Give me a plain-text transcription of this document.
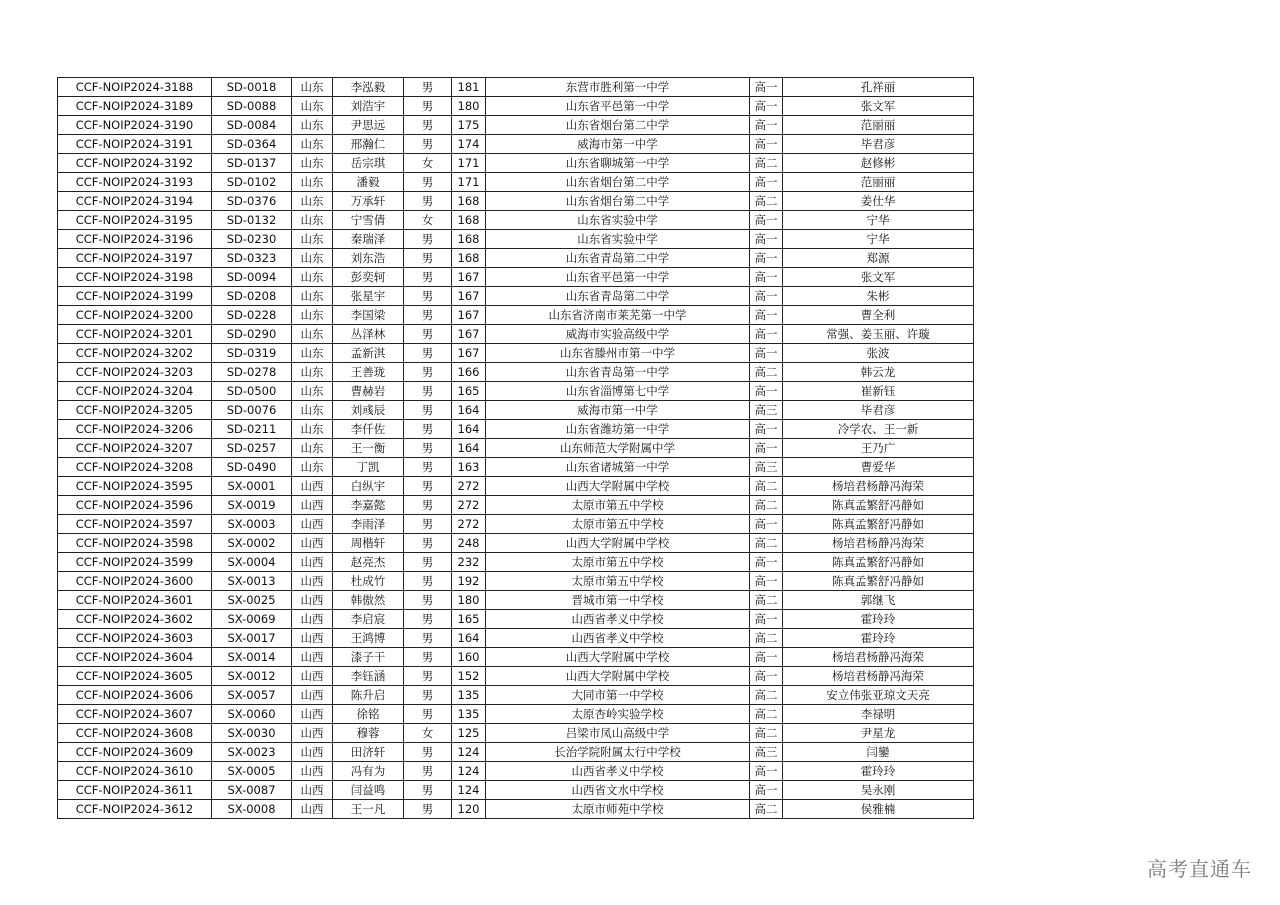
CCF-NOIP2024-3188	SD-0018	山东	李泓毅	男	181	东营市胜利第一中学	高一	孔祥丽
CCF-NOIP2024-3189	SD-0088	山东	刘浩宇	男	180	山东省平邑第一中学	高一	张文军
CCF-NOIP2024-3190	SD-0084	山东	尹思远	男	175	山东省烟台第二中学	高一	范丽丽
CCF-NOIP2024-3191	SD-0364	山东	邢瀚仁	男	174	威海市第一中学	高一	毕君彦
CCF-NOIP2024-3192	SD-0137	山东	岳宗琪	女	171	山东省聊城第一中学	高二	赵修彬
CCF-NOIP2024-3193	SD-0102	山东	潘毅	男	171	山东省烟台第二中学	高一	范丽丽
CCF-NOIP2024-3194	SD-0376	山东	万承轩	男	168	山东省烟台第二中学	高二	姜仕华
CCF-NOIP2024-3195	SD-0132	山东	宁雪倩	女	168	山东省实验中学	高一	宁华
CCF-NOIP2024-3196	SD-0230	山东	秦瑞泽	男	168	山东省实验中学	高一	宁华
CCF-NOIP2024-3197	SD-0323	山东	刘东浩	男	168	山东省青岛第二中学	高一	郑源
CCF-NOIP2024-3198	SD-0094	山东	彭奕轲	男	167	山东省平邑第一中学	高一	张文军
CCF-NOIP2024-3199	SD-0208	山东	张星宇	男	167	山东省青岛第二中学	高一	朱彬
CCF-NOIP2024-3200	SD-0228	山东	李国梁	男	167	山东省济南市莱芜第一中学	高一	曹全利
CCF-NOIP2024-3201	SD-0290	山东	丛泽林	男	167	威海市实验高级中学	高一	常强、姜玉丽、许璇
CCF-NOIP2024-3202	SD-0319	山东	孟新淇	男	167	山东省滕州市第一中学	高一	张波
CCF-NOIP2024-3203	SD-0278	山东	王善珑	男	166	山东省青岛第一中学	高二	韩云龙
CCF-NOIP2024-3204	SD-0500	山东	曹赫岩	男	165	山东省淄博第七中学	高一	崔新钰
CCF-NOIP2024-3205	SD-0076	山东	刘彧辰	男	164	威海市第一中学	高三	毕君彦
CCF-NOIP2024-3206	SD-0211	山东	李仟佐	男	164	山东省潍坊第一中学	高一	冷学农、王一新
CCF-NOIP2024-3207	SD-0257	山东	王一衡	男	164	山东师范大学附属中学	高一	王乃广
CCF-NOIP2024-3208	SD-0490	山东	丁凯	男	163	山东省诸城第一中学	高三	曹爱华
CCF-NOIP2024-3595	SX-0001	山西	白纵宇	男	272	山西大学附属中学校	高二	杨培君杨静冯海荣
CCF-NOIP2024-3596	SX-0019	山西	李嘉懿	男	272	太原市第五中学校	高二	陈真孟繁舒冯静如
CCF-NOIP2024-3597	SX-0003	山西	李雨泽	男	272	太原市第五中学校	高一	陈真孟繁舒冯静如
CCF-NOIP2024-3598	SX-0002	山西	周楷轩	男	248	山西大学附属中学校	高二	杨培君杨静冯海荣
CCF-NOIP2024-3599	SX-0004	山西	赵亮杰	男	232	太原市第五中学校	高一	陈真孟繁舒冯静如
CCF-NOIP2024-3600	SX-0013	山西	杜成竹	男	192	太原市第五中学校	高一	陈真孟繁舒冯静如
CCF-NOIP2024-3601	SX-0025	山西	韩傲然	男	180	晋城市第一中学校	高二	郭继飞
CCF-NOIP2024-3602	SX-0069	山西	李启宸	男	165	山西省孝义中学校	高一	霍玲玲
CCF-NOIP2024-3603	SX-0017	山西	王鸿博	男	164	山西省孝义中学校	高二	霍玲玲
CCF-NOIP2024-3604	SX-0014	山西	漆子干	男	160	山西大学附属中学校	高一	杨培君杨静冯海荣
CCF-NOIP2024-3605	SX-0012	山西	李钰涵	男	152	山西大学附属中学校	高一	杨培君杨静冯海荣
CCF-NOIP2024-3606	SX-0057	山西	陈升启	男	135	大同市第一中学校	高二	安立伟张亚琼文天亮
CCF-NOIP2024-3607	SX-0060	山西	徐铭	男	135	太原杏岭实验学校	高二	李禄明
CCF-NOIP2024-3608	SX-0030	山西	穆蓉	女	125	吕梁市凤山高级中学	高二	尹星龙
CCF-NOIP2024-3609	SX-0023	山西	田济轩	男	124	长治学院附属太行中学校	高三	闫鑾
CCF-NOIP2024-3610	SX-0005	山西	冯有为	男	124	山西省孝义中学校	高一	霍玲玲
CCF-NOIP2024-3611	SX-0087	山西	闫益鸣	男	124	山西省文水中学校	高一	吴永刚
CCF-NOIP2024-3612	SX-0008	山西	王一凡	男	120	太原市师苑中学校	高二	侯雅楠
高考直通车
